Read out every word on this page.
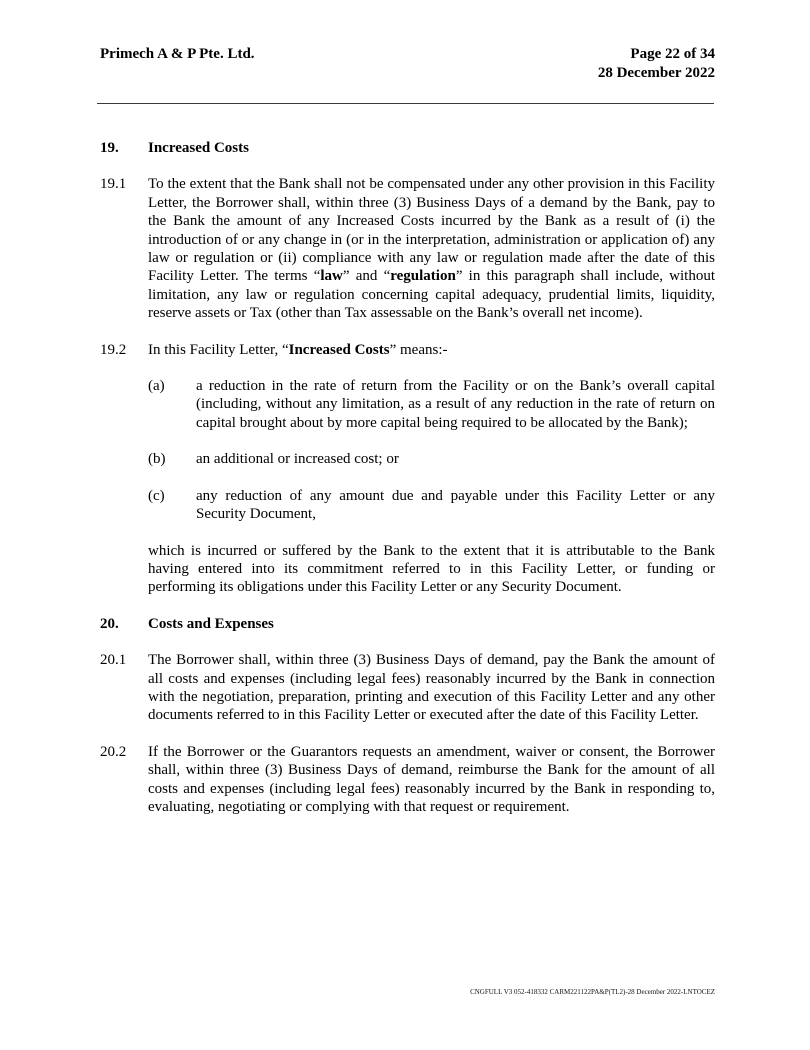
Primech A & P Pte. Ltd.	Page 22 of 34
28 December 2022
19.	Increased Costs
19.1	To the extent that the Bank shall not be compensated under any other provision in this Facility Letter, the Borrower shall, within three (3) Business Days of a demand by the Bank, pay to the Bank the amount of any Increased Costs incurred by the Bank as a result of (i) the introduction of or any change in (or in the interpretation, administration or application of) any law or regulation or (ii) compliance with any law or regulation made after the date of this Facility Letter. The terms “law” and “regulation” in this paragraph shall include, without limitation, any law or regulation concerning capital adequacy, prudential limits, liquidity, reserve assets or Tax (other than Tax assessable on the Bank’s overall net income).
19.2	In this Facility Letter, “Increased Costs” means:-
(a)	a reduction in the rate of return from the Facility or on the Bank’s overall capital (including, without any limitation, as a result of any reduction in the rate of return on capital brought about by more capital being required to be allocated by the Bank);
(b)	an additional or increased cost; or
(c)	any reduction of any amount due and payable under this Facility Letter or any Security Document,
which is incurred or suffered by the Bank to the extent that it is attributable to the Bank having entered into its commitment referred to in this Facility Letter, or funding or performing its obligations under this Facility Letter or any Security Document.
20.	Costs and Expenses
20.1	The Borrower shall, within three (3) Business Days of demand, pay the Bank the amount of all costs and expenses (including legal fees) reasonably incurred by the Bank in connection with the negotiation, preparation, printing and execution of this Facility Letter and any other documents referred to in this Facility Letter or executed after the date of this Facility Letter.
20.2	If the Borrower or the Guarantors requests an amendment, waiver or consent, the Borrower shall, within three (3) Business Days of demand, reimburse the Bank for the amount of all costs and expenses (including legal fees) reasonably incurred by the Bank in responding to, evaluating, negotiating or complying with that request or requirement.
CNGFULL V3 052-418332 CARM221122PA&P(TL2)-28 December 2022-LNTOCEZ
